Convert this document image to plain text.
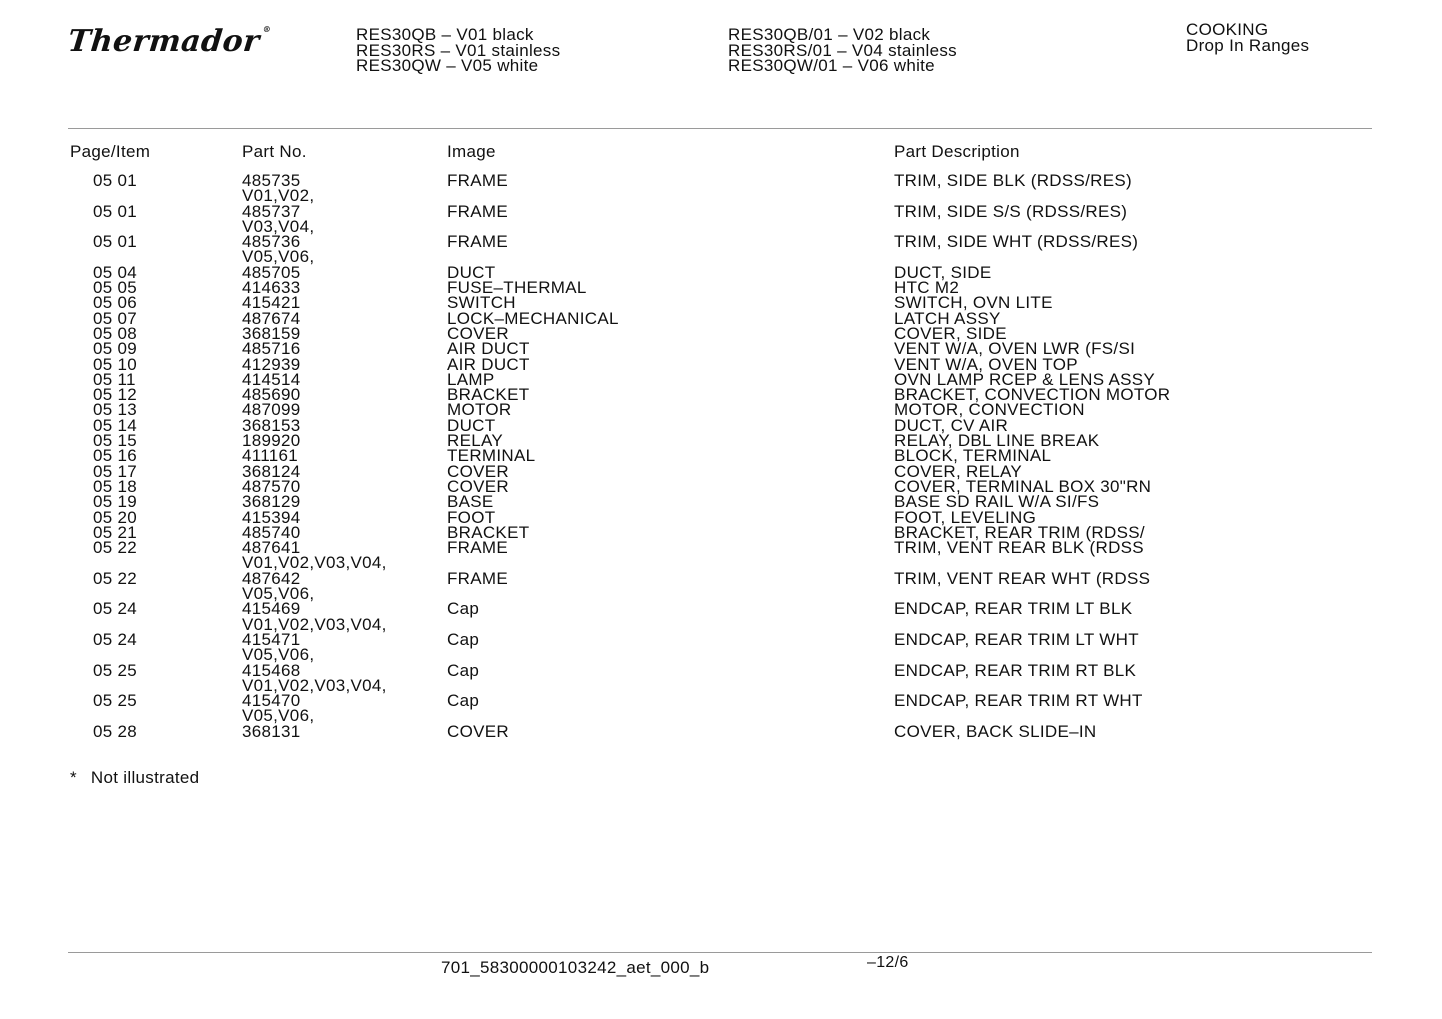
Thermador®	RES30QB – V01 black
RES30RS – V01 stainless
RES30QW – V05 white
RES30QB/01 – V02 black
RES30RS/01 – V04 stainless
RES30QW/01 – V06 white
COOKING
Drop In Ranges
Page/Item	Part No.	Image	Part Description
05 01	485735	FRAME	TRIM, SIDE BLK (RDSS/RES)
	V01,V02,		
05 01	485737	FRAME	TRIM, SIDE S/S (RDSS/RES)
	V03,V04,		
05 01	485736	FRAME	TRIM, SIDE WHT (RDSS/RES)
	V05,V06,		
05 04	485705	DUCT	DUCT, SIDE
05 05	414633	FUSE–THERMAL	HTC M2
05 06	415421	SWITCH	SWITCH, OVN LITE
05 07	487674	LOCK–MECHANICAL	LATCH ASSY
05 08	368159	COVER	COVER, SIDE
05 09	485716	AIR DUCT	VENT W/A, OVEN LWR (FS/SI
05 10	412939	AIR DUCT	VENT W/A, OVEN TOP
05 11	414514	LAMP	OVN LAMP RCEP & LENS ASSY
05 12	485690	BRACKET	BRACKET, CONVECTION MOTOR
05 13	487099	MOTOR	MOTOR, CONVECTION
05 14	368153	DUCT	DUCT, CV AIR
05 15	189920	RELAY	RELAY, DBL LINE BREAK
05 16	411161	TERMINAL	BLOCK, TERMINAL
05 17	368124	COVER	COVER, RELAY
05 18	487570	COVER	COVER, TERMINAL BOX 30"RN
05 19	368129	BASE	BASE SD RAIL W/A SI/FS
05 20	415394	FOOT	FOOT, LEVELING
05 21	485740	BRACKET	BRACKET, REAR TRIM (RDSS/
05 22	487641	FRAME	TRIM, VENT REAR BLK (RDSS
	V01,V02,V03,V04,		
05 22	487642	FRAME	TRIM, VENT REAR WHT (RDSS
	V05,V06,		
05 24	415469	Cap	ENDCAP, REAR TRIM LT BLK
	V01,V02,V03,V04,		
05 24	415471	Cap	ENDCAP, REAR TRIM LT WHT
	V05,V06,		
05 25	415468	Cap	ENDCAP, REAR TRIM RT BLK
	V01,V02,V03,V04,		
05 25	415470	Cap	ENDCAP, REAR TRIM RT WHT
	V05,V06,		
05 28	368131	COVER	COVER, BACK SLIDE–IN
* Not illustrated
701_58300000103242_aet_000_b	–12/6
